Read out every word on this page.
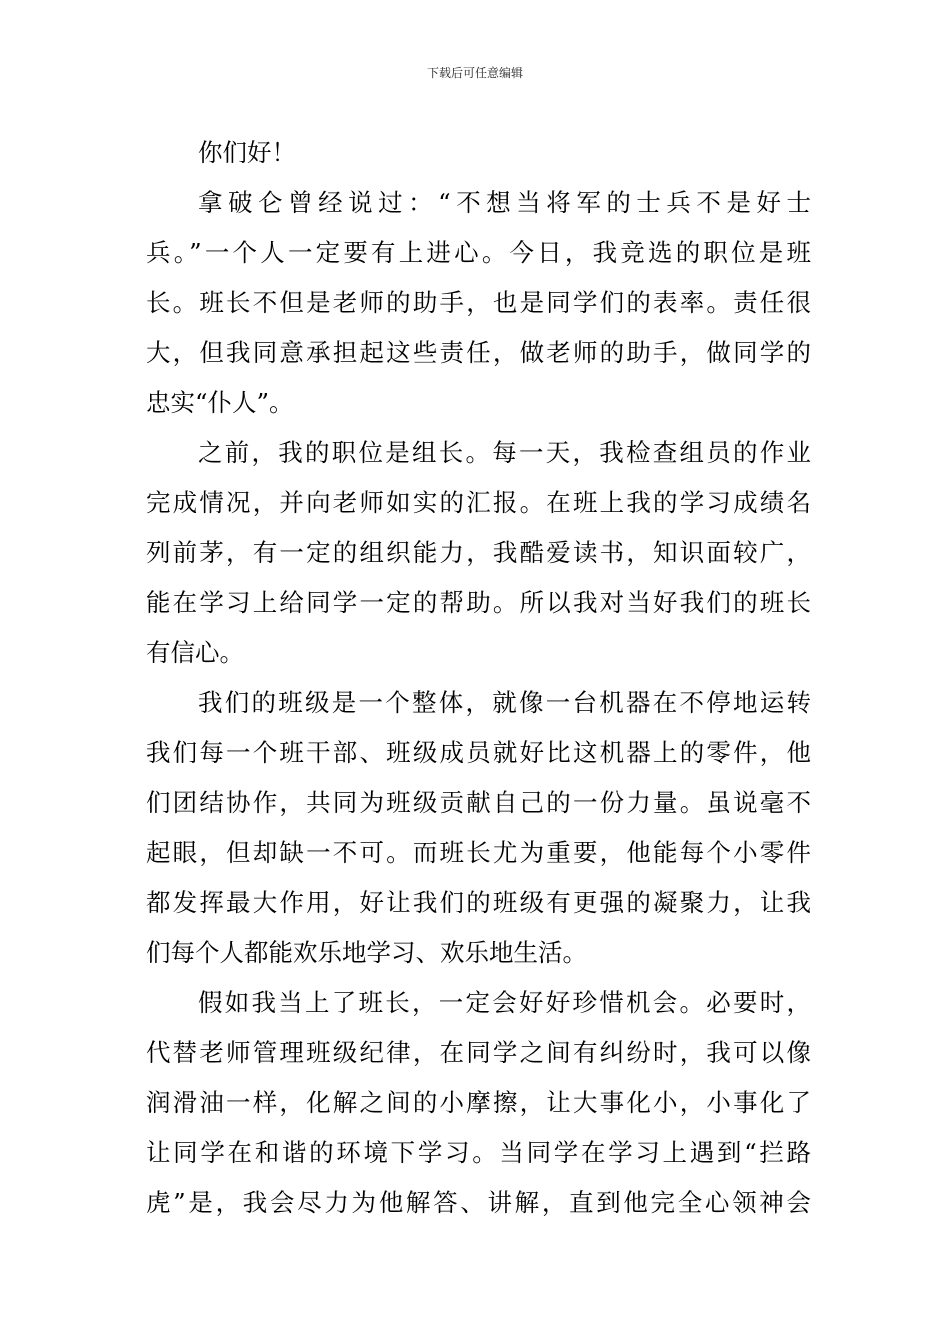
下载后可任意编辑
你们好！
拿破仑曾经说过：“不想当将军的士兵不是好士
兵。”一个人一定要有上进心。今日，我竞选的职位是班
长。班长不但是老师的助手，也是同学们的表率。责任很
大，但我同意承担起这些责任，做老师的助手，做同学的
忠实“仆人”。
之前，我的职位是组长。每一天，我检查组员的作业
完成情况，并向老师如实的汇报。在班上我的学习成绩名
列前茅，有一定的组织能力，我酷爱读书，知识面较广，
能在学习上给同学一定的帮助。所以我对当好我们的班长
有信心。
我们的班级是一个整体，就像一台机器在不停地运转
我们每一个班干部、班级成员就好比这机器上的零件，他
们团结协作，共同为班级贡献自己的一份力量。虽说毫不
起眼，但却缺一不可。而班长尤为重要，他能每个小零件
都发挥最大作用，好让我们的班级有更强的凝聚力，让我
们每个人都能欢乐地学习、欢乐地生活。
假如我当上了班长，一定会好好珍惜机会。必要时，
代替老师管理班级纪律，在同学之间有纠纷时，我可以像
润滑油一样，化解之间的小摩擦，让大事化小，小事化了
让同学在和谐的环境下学习。当同学在学习上遇到“拦路
虎”是，我会尽力为他解答、讲解，直到他完全心领神会
